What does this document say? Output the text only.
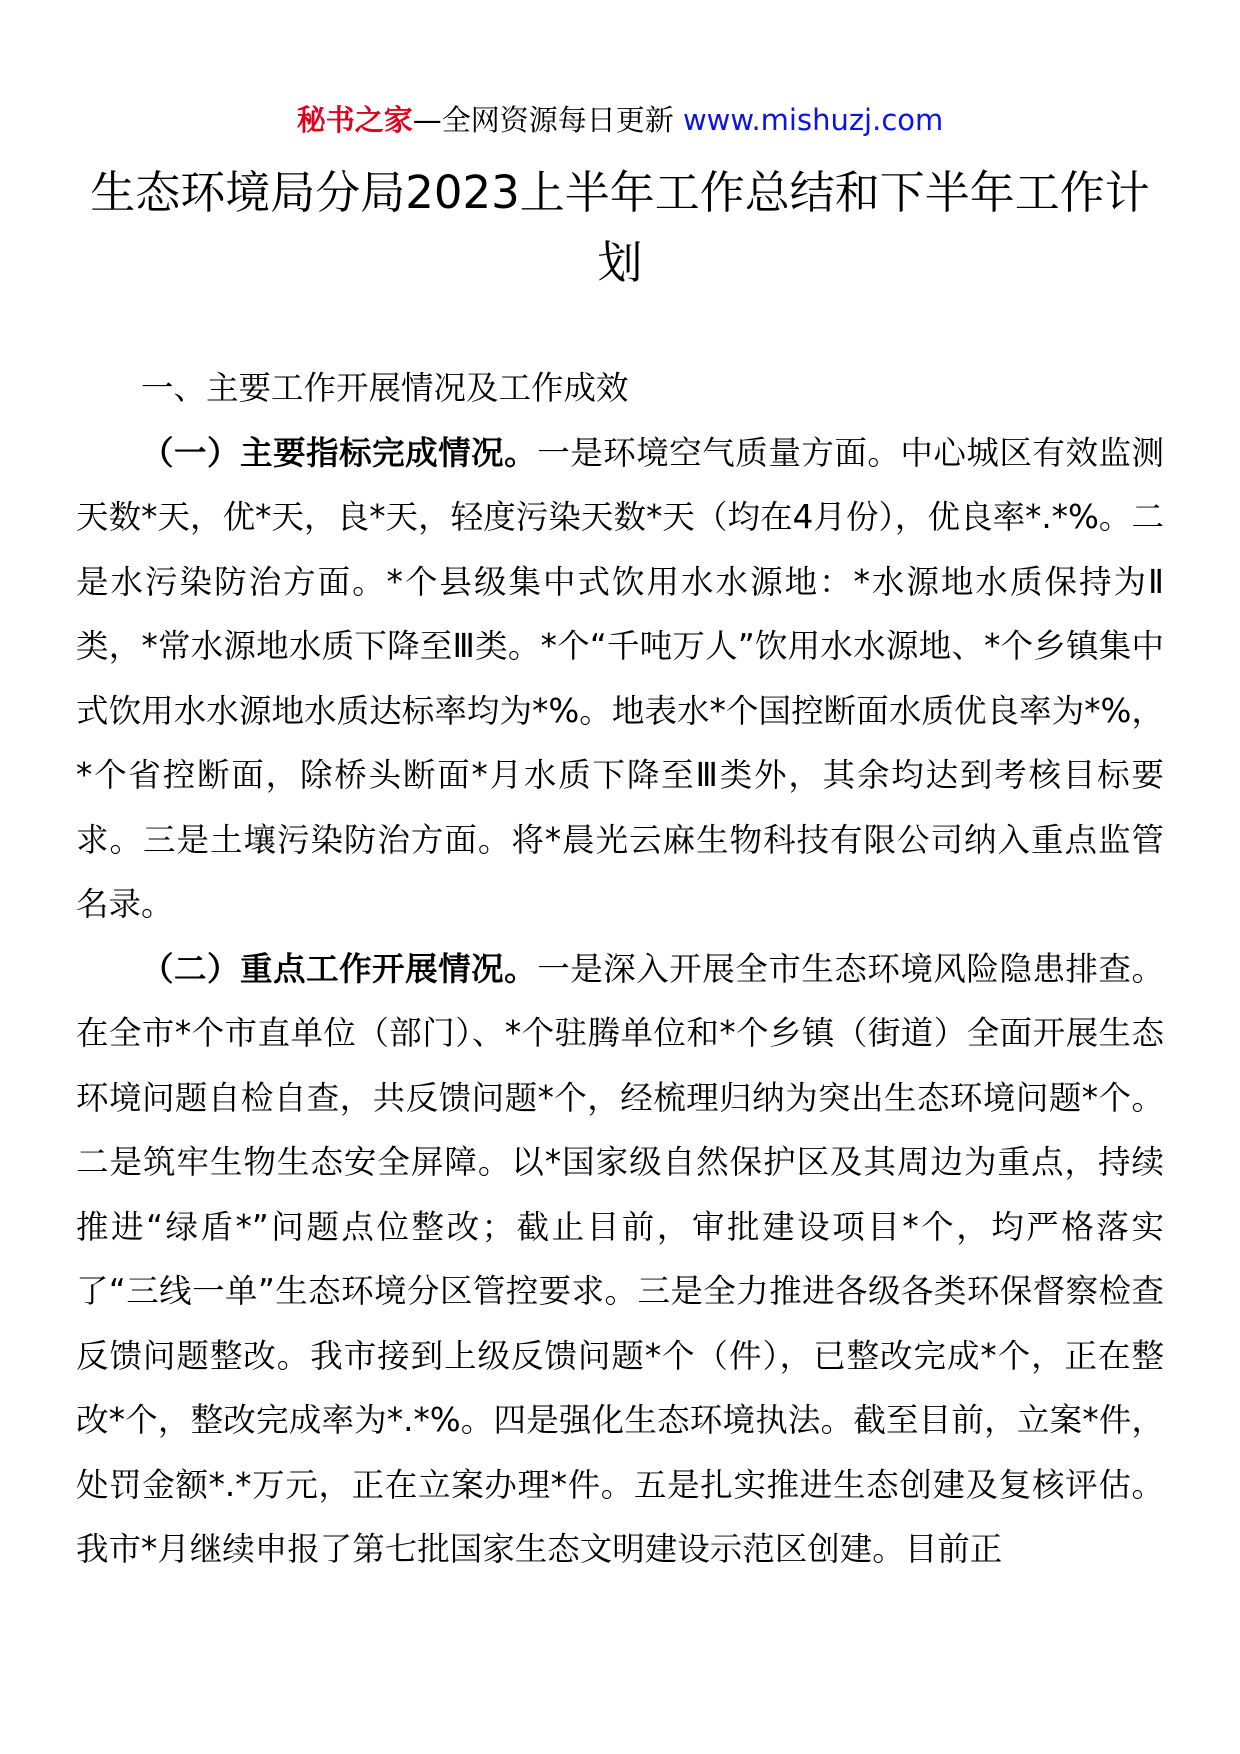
秘书之家—全网资源每日更新 www.mishuzj.com
生态环境局分局2023上半年工作总结和下半年工作计划

一、主要工作开展情况及工作成效

（一）主要指标完成情况。一是环境空气质量方面。中心城区有效监测天数*天，优*天，良*天，轻度污染天数*天（均在4月份），优良率*.*%。二是水污染防治方面。*个县级集中式饮用水水源地：*水源地水质保持为Ⅱ类，*常水源地水质下降至Ⅲ类。*个“千吨万人”饮用水水源地、*个乡镇集中式饮用水水源地水质达标率均为*%。地表水*个国控断面水质优良率为*%，*个省控断面，除桥头断面*月水质下降至Ⅲ类外，其余均达到考核目标要求。三是土壤污染防治方面。将*晨光云麻生物科技有限公司纳入重点监管名录。

（二）重点工作开展情况。一是深入开展全市生态环境风险隐患排查。在全市*个市直单位（部门）、*个驻腾单位和*个乡镇（街道）全面开展生态环境问题自检自查，共反馈问题*个，经梳理归纳为突出生态环境问题*个。二是筑牢生物生态安全屏障。以*国家级自然保护区及其周边为重点，持续推进“绿盾*”问题点位整改；截止目前，审批建设项目*个，均严格落实了“三线一单”生态环境分区管控要求。三是全力推进各级各类环保督察检查反馈问题整改。我市接到上级反馈问题*个（件），已整改完成*个，正在整改*个，整改完成率为*.*%。四是强化生态环境执法。截至目前，立案*件，处罚金额*.*万元，正在立案办理*件。五是扎实推进生态创建及复核评估。我市*月继续申报了第七批国家生态文明建设示范区创建。目前正
